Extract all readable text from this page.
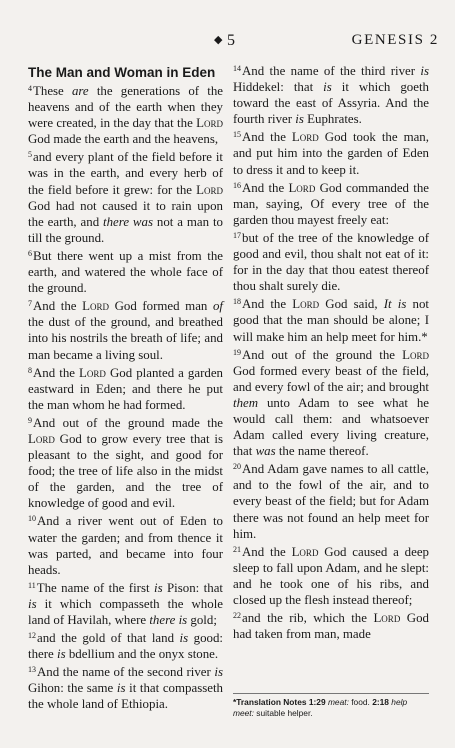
◆ 5	GENESIS 2

The Man and Woman in Eden

$^4$These are the generations of the heavens and of the earth when they were created, in the day that the Lord God made the earth and the heavens,

$^5$and every plant of the field before it was in the earth, and every herb of the field before it grew: for the Lord God had not caused it to rain upon the earth, and there was not a man to till the ground.

$^6$But there went up a mist from the earth, and watered the whole face of the ground.

$^7$And the Lord God formed man of the dust of the ground, and breathed into his nostrils the breath of life; and man became a living soul.

$^8$And the Lord God planted a garden eastward in Eden; and there he put the man whom he had formed.

$^9$And out of the ground made the Lord God to grow every tree that is pleasant to the sight, and good for food; the tree of life also in the midst of the garden, and the tree of knowledge of good and evil.

$^{10}$And a river went out of Eden to water the garden; and from thence it was parted, and became into four heads.

$^{11}$The name of the first is Pison: that is it which compasseth the whole land of Havilah, where there is gold;

$^{12}$and the gold of that land is good: there is bdellium and the onyx stone.

$^{13}$And the name of the second river is Gihon: the same is it that compasseth the whole land of Ethiopia.

$^{14}$And the name of the third river is Hiddekel: that is it which goeth toward the east of Assyria. And the fourth river is Euphrates.

$^{15}$And the Lord God took the man, and put him into the garden of Eden to dress it and to keep it.

$^{16}$And the Lord God commanded the man, saying, Of every tree of the garden thou mayest freely eat:

$^{17}$but of the tree of the knowledge of good and evil, thou shalt not eat of it: for in the day that thou eatest thereof thou shalt surely die.

$^{18}$And the Lord God said, It is not good that the man should be alone; I will make him an help meet for him.*

$^{19}$And out of the ground the Lord God formed every beast of the field, and every fowl of the air; and brought them unto Adam to see what he would call them: and whatsoever Adam called every living creature, that was the name thereof.

$^{20}$And Adam gave names to all cattle, and to the fowl of the air, and to every beast of the field; but for Adam there was not found an help meet for him.

$^{21}$And the Lord God caused a deep sleep to fall upon Adam, and he slept: and he took one of his ribs, and closed up the flesh instead thereof;

$^{22}$and the rib, which the Lord God had taken from man, made

*Translation Notes 1:29 meat: food. 2:18 help meet: suitable helper.
